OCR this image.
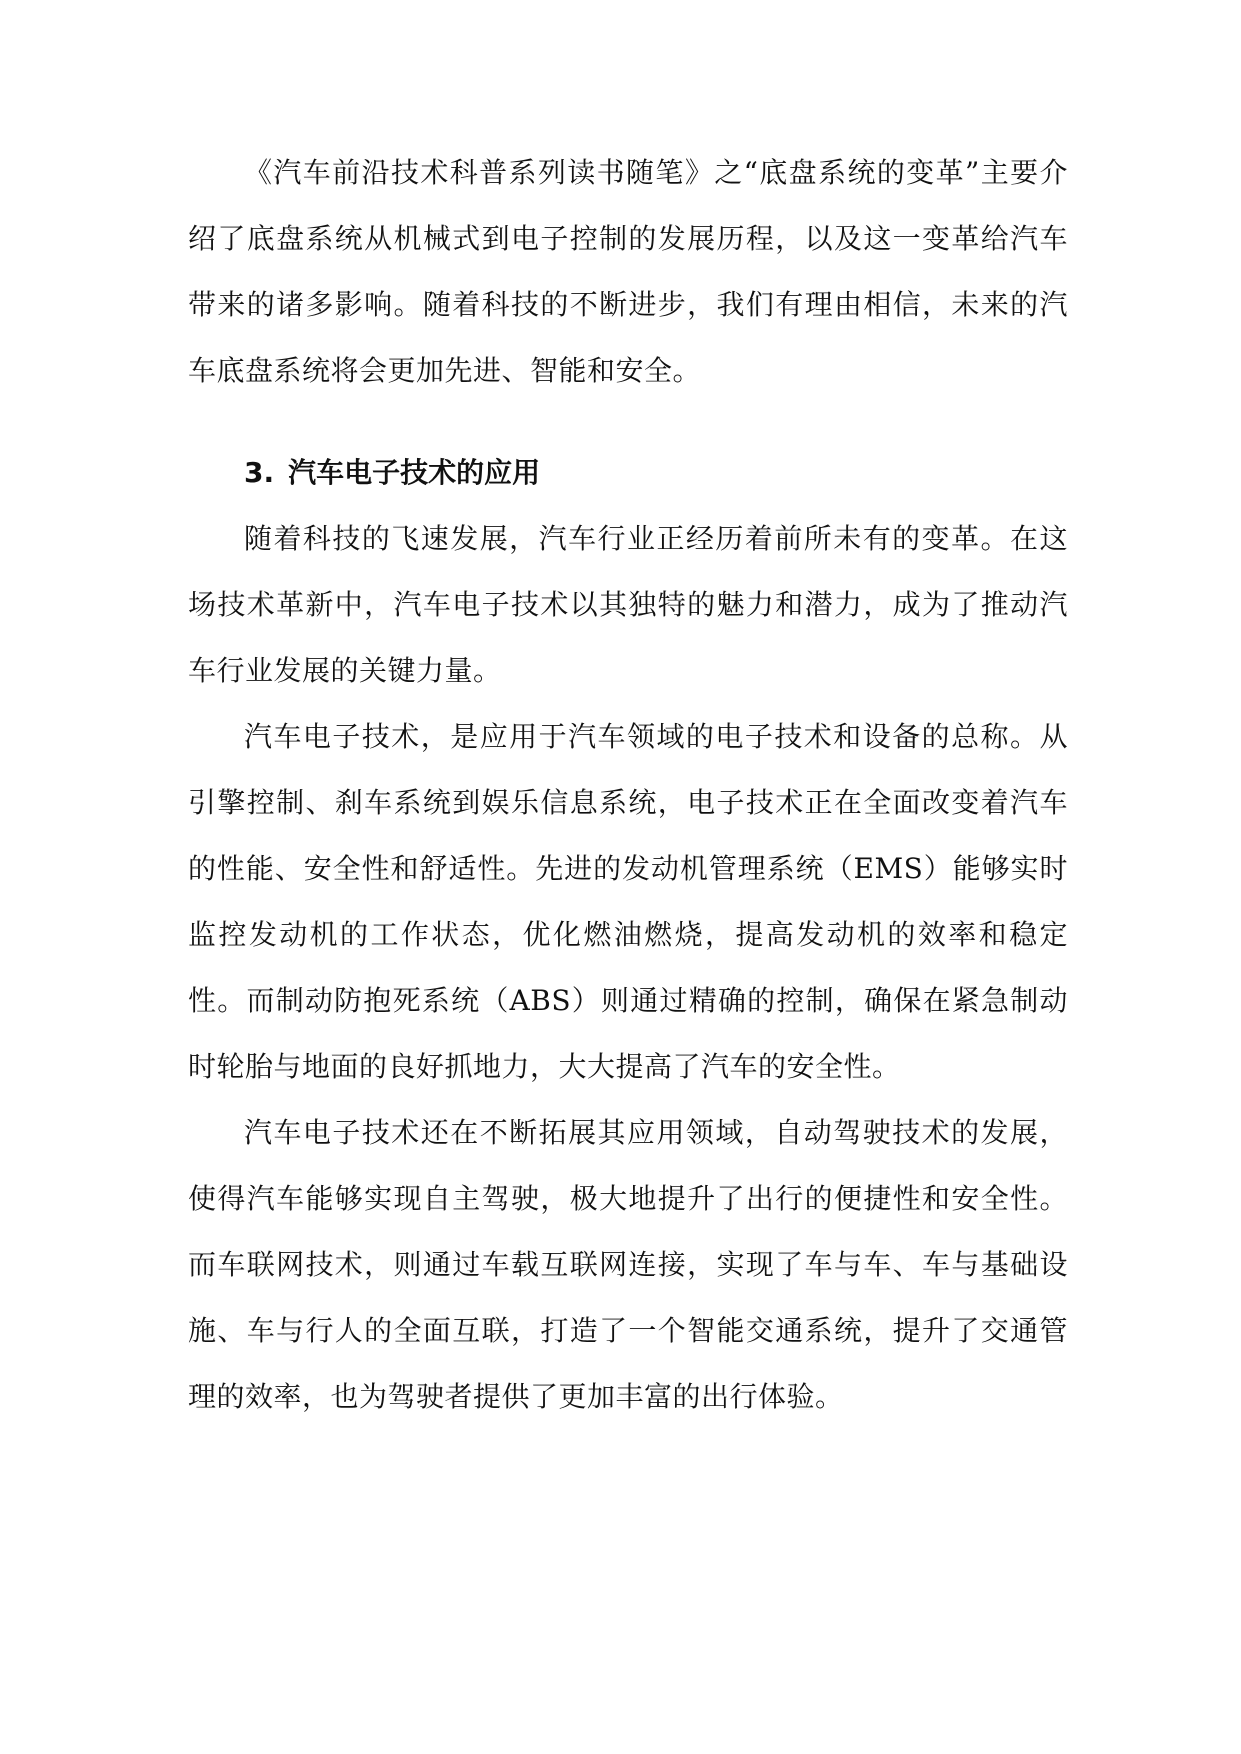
《汽车前沿技术科普系列读书随笔》之“底盘系统的变革”主要介绍了底盘系统从机械式到电子控制的发展历程，以及这一变革给汽车带来的诸多影响。随着科技的不断进步，我们有理由相信，未来的汽车底盘系统将会更加先进、智能和安全。

3. 汽车电子技术的应用

随着科技的飞速发展，汽车行业正经历着前所未有的变革。在这场技术革新中，汽车电子技术以其独特的魅力和潜力，成为了推动汽车行业发展的关键力量。

汽车电子技术，是应用于汽车领域的电子技术和设备的总称。从引擎控制、刹车系统到娱乐信息系统，电子技术正在全面改变着汽车的性能、安全性和舒适性。先进的发动机管理系统（EMS）能够实时监控发动机的工作状态，优化燃油燃烧，提高发动机的效率和稳定性。而制动防抱死系统（ABS）则通过精确的控制，确保在紧急制动时轮胎与地面的良好抓地力，大大提高了汽车的安全性。

汽车电子技术还在不断拓展其应用领域，自动驾驶技术的发展，使得汽车能够实现自主驾驶，极大地提升了出行的便捷性和安全性。而车联网技术，则通过车载互联网连接，实现了车与车、车与基础设施、车与行人的全面互联，打造了一个智能交通系统，提升了交通管理的效率，也为驾驶者提供了更加丰富的出行体验。
